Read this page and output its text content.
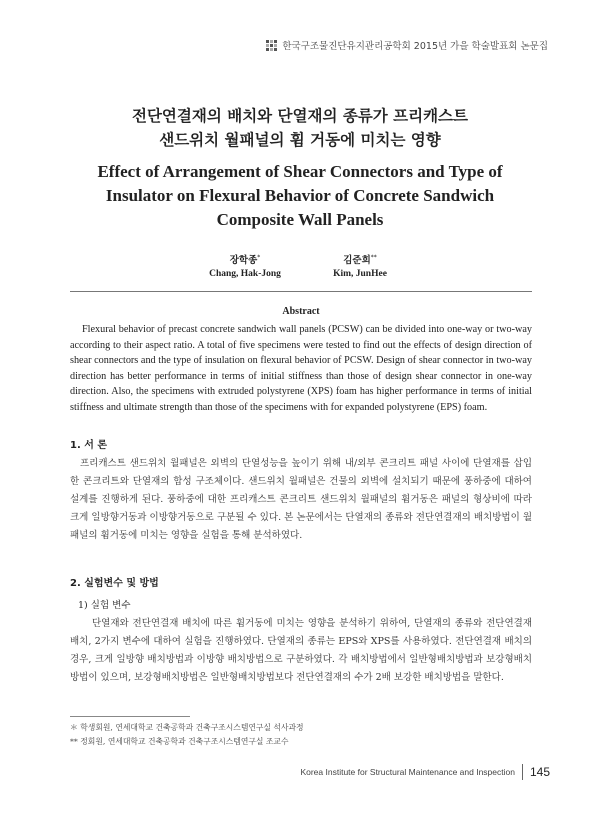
한국구조물진단유지관리공학회 2015년 가을 학술발표회 논문집
전단연결재의 배치와 단열재의 종류가 프리캐스트
샌드위치 월패널의 휨 거동에 미치는 영향
Effect of Arrangement of Shear Connectors and Type of
Insulator on Flexural Behavior of Concrete Sandwich
Composite Wall Panels
장학종*
Chang, Hak-Jong
김준희**
Kim, JunHee
Abstract
Flexural behavior of precast concrete sandwich wall panels (PCSW) can be divided into one-way or two-way according to their aspect ratio. A total of five specimens were tested to find out the effects of design direction of shear connectors and the type of insulation on flexural behavior of PCSW. Design of shear connector in two-way direction has better performance in terms of initial stiffness than those of design shear connector in one-way direction. Also, the specimens with extruded polystyrene (XPS) foam has higher performance in terms of initial stiffness and ultimate strength than those of the specimens with for expanded polystyrene (EPS) foam.
1. 서 론
프리캐스트 샌드위치 월패널은 외벽의 단열성능을 높이기 위해 내/외부 콘크리트 패널 사이에 단열재를 삽입한 콘크리트와 단열재의 합성 구조체이다. 샌드위치 월패널은 건물의 외벽에 설치되기 때문에 풍하중에 대하여 설계를 진행하게 된다. 풍하중에 대한 프리캐스트 콘크리트 샌드위치 월패널의 휨거동은 패널의 형상비에 따라 크게 일방향거동과 이방향거동으로 구분될 수 있다. 본 논문에서는 단열재의 종류와 전단연결재의 배치방법이 월패널의 휨거동에 미치는 영향을 실험을 통해 분석하였다.
2. 실험변수 및 방법
1) 실험 변수
단열재와 전단연결재 배치에 따른 휨거동에 미치는 영향을 분석하기 위하여, 단열재의 종류와 전단연결재 배치, 2가지 변수에 대하여 실험을 진행하였다. 단열재의 종류는 EPS와 XPS를 사용하였다. 전단연결재 배치의 경우, 크게 일방향 배치방법과 이방향 배치방법으로 구분하였다. 각 배치방법에서 일반형배치방법과 보강형배치방법이 있으며, 보강형배치방법은 일반형배치방법보다 전단연결재의 수가 2배 보강한 배치방법을 말한다.
＊ 학생회원, 연세대학교 건축공학과 건축구조시스템연구실 석사과정
** 정회원, 연세대학교 건축공학과 건축구조시스템연구실 조교수
Korea Institute for Structural Maintenance and Inspection 145
